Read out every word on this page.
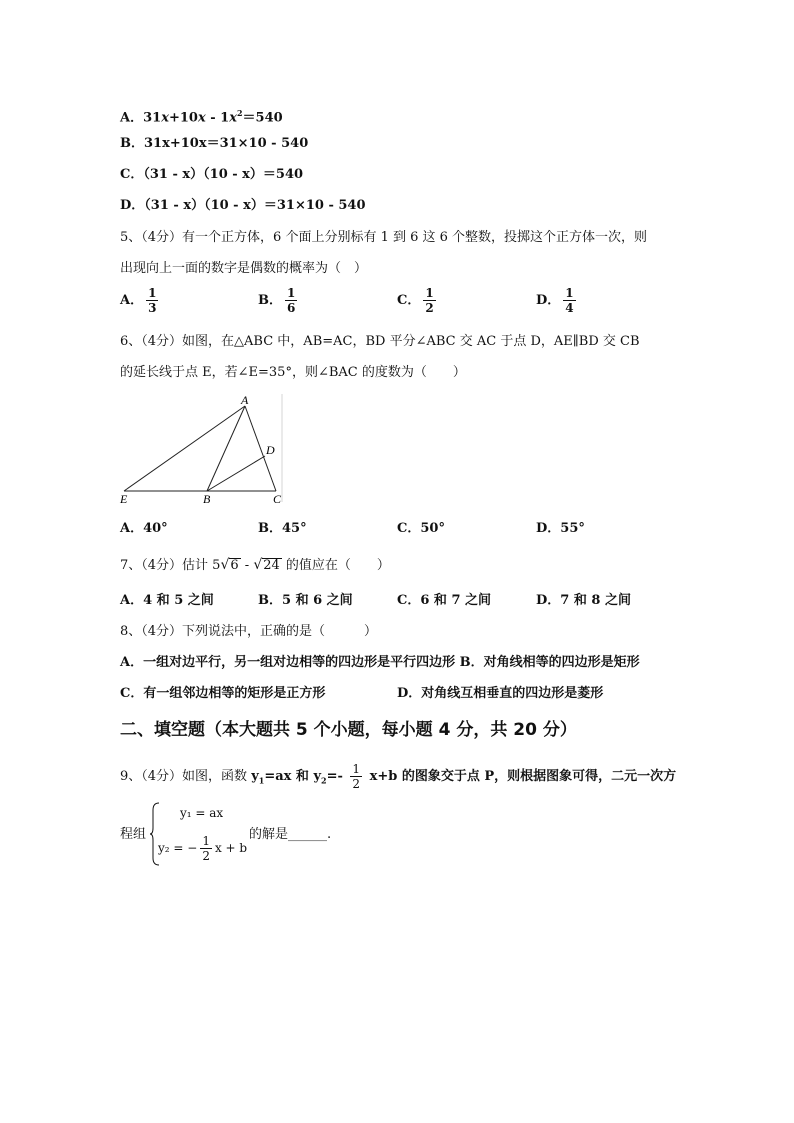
A．$31x+10x - 1x^2=540$
B．31x+10x＝31×10 - 540
C．（31 - x）（10 - x）＝540
D．（31 - x）（10 - x）＝31×10 - 540
5、（4分）有一个正方体，6 个面上分别标有 1 到 6 这 6 个整数，投掷这个正方体一次，则
出现向上一面的数字是偶数的概率为（　）
A． $\frac{1}{3}$	B． $\frac{1}{6}$	C． $\frac{1}{2}$	D． $\frac{1}{4}$
6、（4分）如图，在△ABC 中，AB=AC，BD 平分∠ABC 交 AC 于点 D，AE∥BD 交 CB
的延长线于点 E，若∠E=35°，则∠BAC 的度数为（　　）
A
D
E	B	C
A．40°	B．45°	C．50°	D．55°
7、（4分）估计 5√6 - √24 的值应在（　　）
A．4 和 5 之间	B．5 和 6 之间	C．6 和 7 之间	D．7 和 8 之间
8、（4分）下列说法中，正确的是（　　　）
A．一组对边平行，另一组对边相等的四边形是平行四边形 B．对角线相等的四边形是矩形
C．有一组邻边相等的矩形是正方形	D．对角线互相垂直的四边形是菱形
二、填空题（本大题共 5 个小题，每小题 4 分，共 20 分）
9、（4分）如图，函数 $y_1=ax$ 和 $y_2=- \frac{1}{2} x+b$ 的图象交于点 P，则根据图象可得，二元一次方
程组
y₁ = ax
y₂ = − $\frac{1}{2}$ x + b
的解是______.
